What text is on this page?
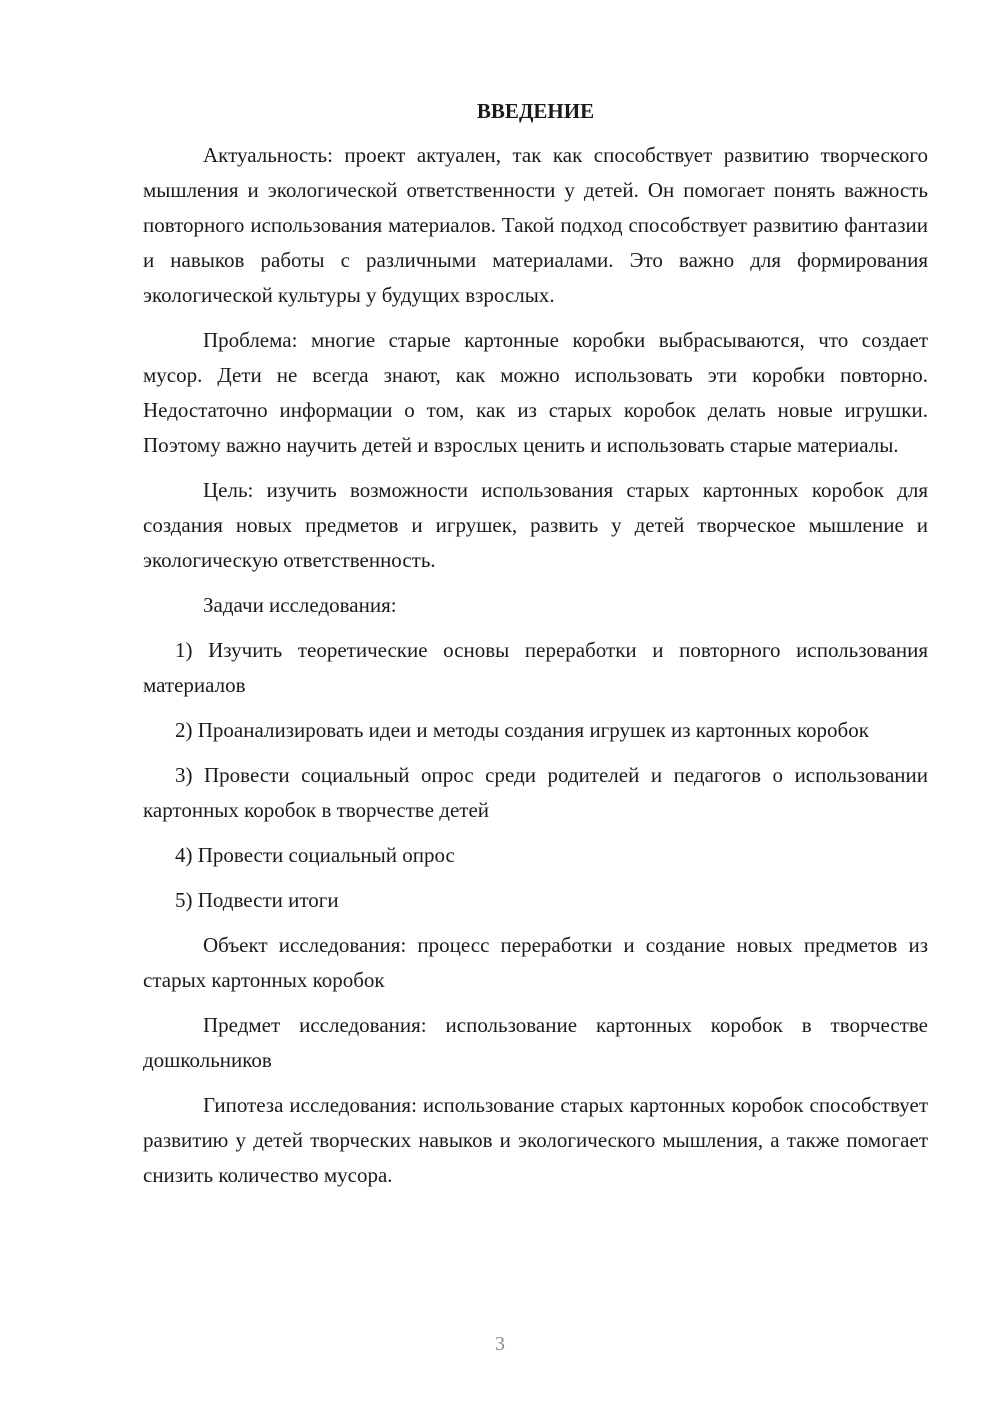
ВВЕДЕНИЕ

Актуальность: проект актуален, так как способствует развитию творческого мышления и экологической ответственности у детей. Он помогает понять важность повторного использования материалов. Такой подход способствует развитию фантазии и навыков работы с различными материалами. Это важно для формирования экологической культуры у будущих взрослых.

Проблема: многие старые картонные коробки выбрасываются, что создает мусор. Дети не всегда знают, как можно использовать эти коробки повторно. Недостаточно информации о том, как из старых коробок делать новые игрушки. Поэтому важно научить детей и взрослых ценить и использовать старые материалы.

Цель: изучить возможности использования старых картонных коробок для создания новых предметов и игрушек, развить у детей творческое мышление и экологическую ответственность.

Задачи исследования:

1) Изучить теоретические основы переработки и повторного использования материалов

2) Проанализировать идеи и методы создания игрушек из картонных коробок

3) Провести социальный опрос среди родителей и педагогов о использовании картонных коробок в творчестве детей

4) Провести социальный опрос

5) Подвести итоги

Объект исследования: процесс переработки и создание новых предметов из старых картонных коробок

Предмет исследования: использование картонных коробок в творчестве дошкольников

Гипотеза исследования: использование старых картонных коробок способствует развитию у детей творческих навыков и экологического мышления, а также помогает снизить количество мусора.

3
